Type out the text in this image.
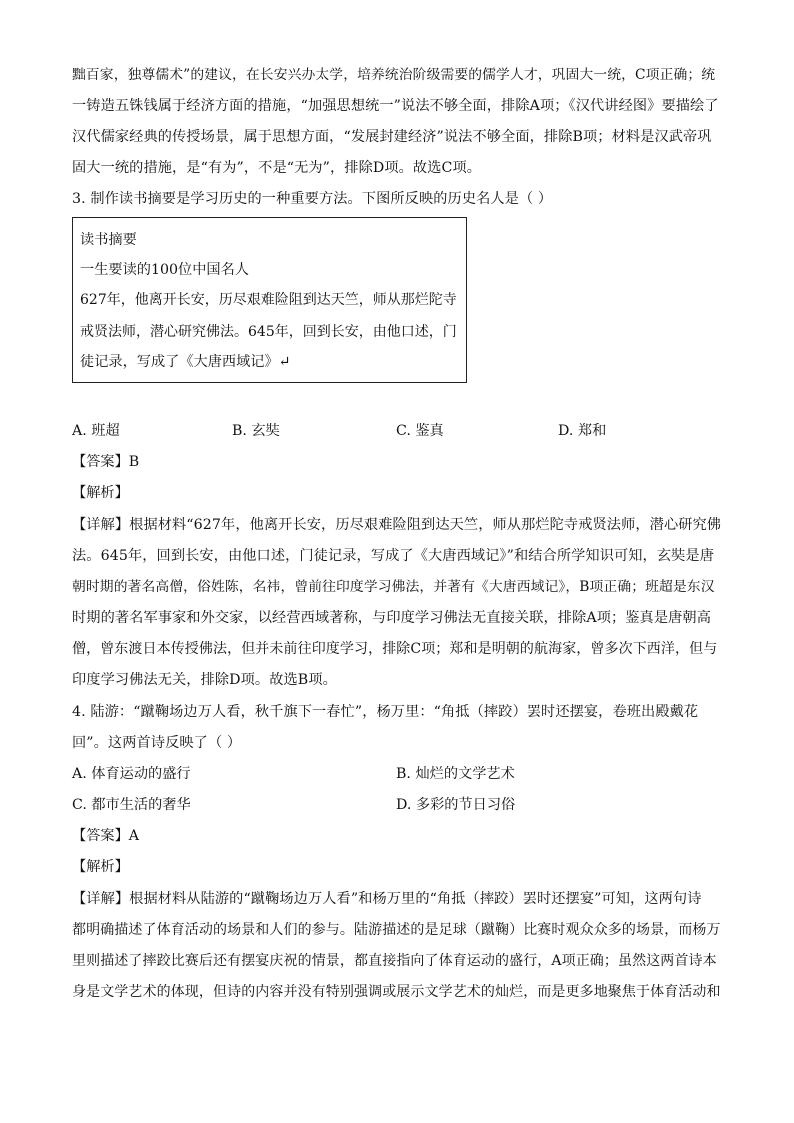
黜百家，独尊儒术”的建议，在长安兴办太学，培养统治阶级需要的儒学人才，巩固大一统，C项正确；统
一铸造五铢钱属于经济方面的措施，“加强思想统一”说法不够全面，排除A项；《汉代讲经图》要描绘了
汉代儒家经典的传授场景，属于思想方面，“发展封建经济”说法不够全面，排除B项；材料是汉武帝巩
固大一统的措施，是“有为”，不是“无为”，排除D项。故选C项。
3. 制作读书摘要是学习历史的一种重要方法。下图所反映的历史名人是（ ）
读书摘要
一生要读的100位中国名人
627年，他离开长安，历尽艰难险阻到达天竺，师从那烂陀寺
戒贤法师，潜心研究佛法。645年，回到长安，由他口述，门
徒记录，写成了《大唐西域记》↵
A. 班超	B. 玄奘	C. 鉴真	D. 郑和
【答案】B
【解析】
【详解】根据材料“627年，他离开长安，历尽艰难险阻到达天竺，师从那烂陀寺戒贤法师，潜心研究佛
法。645年，回到长安，由他口述，门徒记录，写成了《大唐西域记》”和结合所学知识可知，玄奘是唐
朝时期的著名高僧，俗姓陈，名祎，曾前往印度学习佛法，并著有《大唐西域记》，B项正确；班超是东汉
时期的著名军事家和外交家，以经营西域著称，与印度学习佛法无直接关联，排除A项；鉴真是唐朝高
僧，曾东渡日本传授佛法，但并未前往印度学习，排除C项；郑和是明朝的航海家，曾多次下西洋，但与
印度学习佛法无关，排除D项。故选B项。
4. 陆游：“蹴鞠场边万人看，秋千旗下一春忙”，杨万里：“角抵（摔跤）罢时还摆宴，卷班出殿戴花
回”。这两首诗反映了（ ）
A. 体育运动的盛行	B. 灿烂的文学艺术
C. 都市生活的奢华	D. 多彩的节日习俗
【答案】A
【解析】
【详解】根据材料从陆游的“蹴鞠场边万人看”和杨万里的“角抵（摔跤）罢时还摆宴”可知，这两句诗
都明确描述了体育活动的场景和人们的参与。陆游描述的是足球（蹴鞠）比赛时观众众多的场景，而杨万
里则描述了摔跤比赛后还有摆宴庆祝的情景，都直接指向了体育运动的盛行，A项正确；虽然这两首诗本
身是文学艺术的体现，但诗的内容并没有特别强调或展示文学艺术的灿烂，而是更多地聚焦于体育活动和
